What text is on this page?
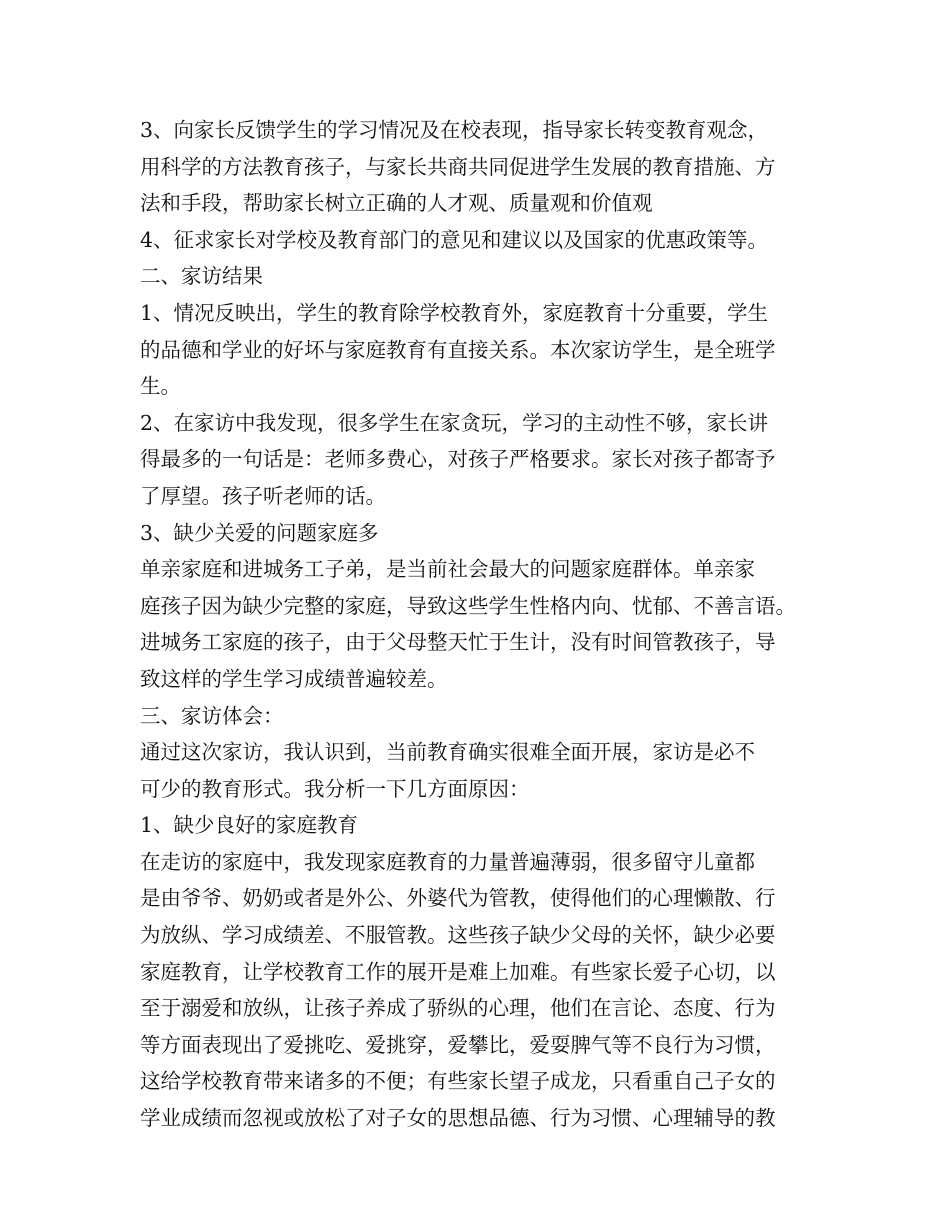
3、向家长反馈学生的学习情况及在校表现，指导家长转变教育观念，
用科学的方法教育孩子，与家长共商共同促进学生发展的教育措施、方
法和手段，帮助家长树立正确的人才观、质量观和价值观
4、征求家长对学校及教育部门的意见和建议以及国家的优惠政策等。
二、家访结果
1、情况反映出，学生的教育除学校教育外，家庭教育十分重要，学生
的品德和学业的好坏与家庭教育有直接关系。本次家访学生，是全班学
生。
2、在家访中我发现，很多学生在家贪玩，学习的主动性不够，家长讲
得最多的一句话是：老师多费心，对孩子严格要求。家长对孩子都寄予
了厚望。孩子听老师的话。
3、缺少关爱的问题家庭多
单亲家庭和进城务工子弟，是当前社会最大的问题家庭群体。单亲家
庭孩子因为缺少完整的家庭，导致这些学生性格内向、忧郁、不善言语。
进城务工家庭的孩子，由于父母整天忙于生计，没有时间管教孩子，导
致这样的学生学习成绩普遍较差。
三、家访体会：
通过这次家访，我认识到，当前教育确实很难全面开展，家访是必不
可少的教育形式。我分析一下几方面原因：
1、缺少良好的家庭教育
在走访的家庭中，我发现家庭教育的力量普遍薄弱，很多留守儿童都
是由爷爷、奶奶或者是外公、外婆代为管教，使得他们的心理懒散、行
为放纵、学习成绩差、不服管教。这些孩子缺少父母的关怀，缺少必要
家庭教育，让学校教育工作的展开是难上加难。有些家长爱子心切，以
至于溺爱和放纵，让孩子养成了骄纵的心理，他们在言论、态度、行为
等方面表现出了爱挑吃、爱挑穿，爱攀比，爱耍脾气等不良行为习惯，
这给学校教育带来诸多的不便；有些家长望子成龙，只看重自己子女的
学业成绩而忽视或放松了对子女的思想品德、行为习惯、心理辅导的教
